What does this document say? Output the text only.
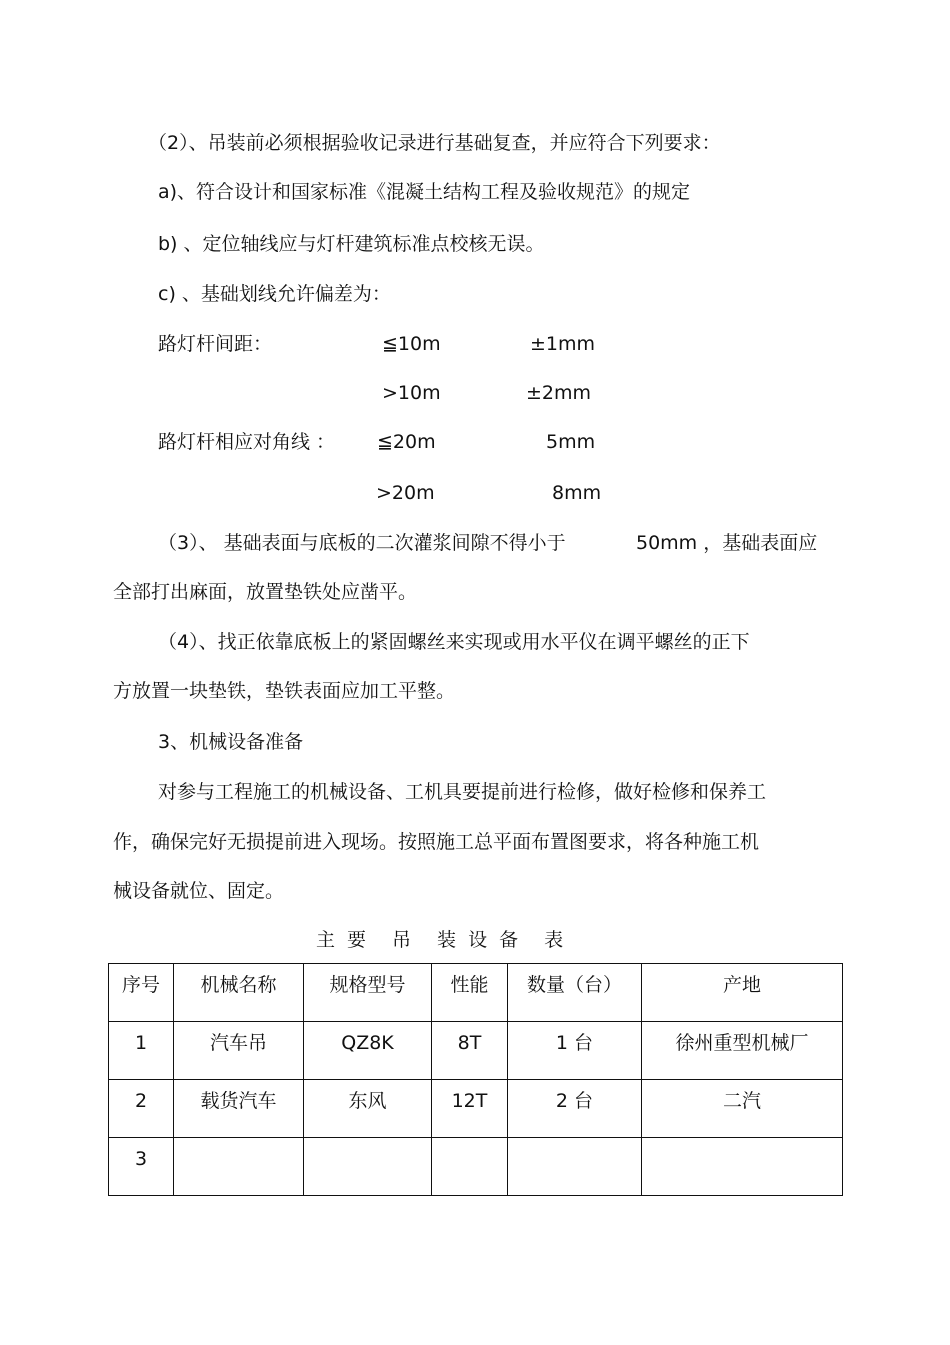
（2）、吊装前必须根据验收记录进行基础复查，并应符合下列要求：
a)、符合设计和国家标准《混凝土结构工程及验收规范》的规定
b) 、定位轴线应与灯杆建筑标准点校核无误。
c) 、基础划线允许偏差为：
路灯杆间距：	≦10m	±1mm
>10m	±2mm
路灯杆相应对角线 ： ≦20m	5mm
>20m	8mm
（3）、 基础表面与底板的二次灌浆间隙不得小于	50mm ，基础表面应
全部打出麻面，放置垫铁处应凿平。
（4）、找正依靠底板上的紧固螺丝来实现或用水平仪在调平螺丝的正下
方放置一块垫铁，垫铁表面应加工平整。
3、机械设备准备
对参与工程施工的机械设备、工机具要提前进行检修，做好检修和保养工
作，确保完好无损提前进入现场。按照施工总平面布置图要求，将各种施工机
械设备就位、固定。
主 要 吊 装 设 备 表
序号	机械名称	规格型号	性能	数量（台）	产地
1	汽车吊	QZ8K	8T	1 台	徐州重型机械厂
2	载货汽车	东风	12T	2 台	二汽
3					
